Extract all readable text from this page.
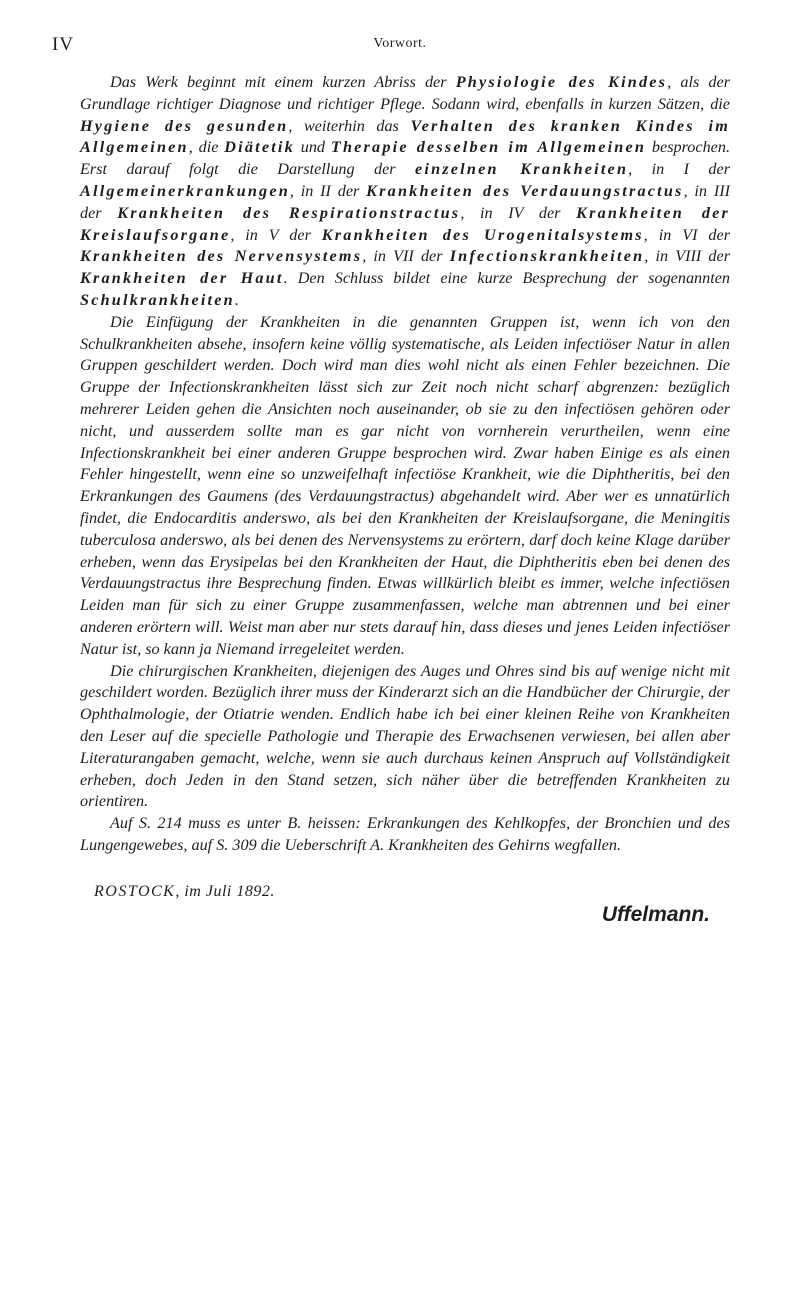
IV	Vorwort.

Das Werk beginnt mit einem kurzen Abriss der Physiologie des Kindes, als der Grundlage richtiger Diagnose und richtiger Pflege. Sodann wird, ebenfalls in kurzen Sätzen, die Hygiene des gesunden, weiterhin das Verhalten des kranken Kindes im Allgemeinen, die Diätetik und Therapie desselben im Allgemeinen besprochen. Erst darauf folgt die Darstellung der einzelnen Krankheiten, in I der Allgemeinerkrankungen, in II der Krankheiten des Verdauungstractus, in III der Krankheiten des Respirationstractus, in IV der Krankheiten der Kreislaufsorgane, in V der Krankheiten des Urogenitalsystems, in VI der Krankheiten des Nervensystems, in VII der Infectionskrankheiten, in VIII der Krankheiten der Haut. Den Schluss bildet eine kurze Besprechung der sogenannten Schulkrankheiten.

Die Einfügung der Krankheiten in die genannten Gruppen ist, wenn ich von den Schulkrankheiten absehe, insofern keine völlig systematische, als Leiden infectiöser Natur in allen Gruppen geschildert werden. Doch wird man dies wohl nicht als einen Fehler bezeichnen. Die Gruppe der Infectionskrankheiten lässt sich zur Zeit noch nicht scharf abgrenzen: bezüglich mehrerer Leiden gehen die Ansichten noch auseinander, ob sie zu den infectiösen gehören oder nicht, und ausserdem sollte man es gar nicht von vornherein verurtheilen, wenn eine Infectionskrankheit bei einer anderen Gruppe besprochen wird. Zwar haben Einige es als einen Fehler hingestellt, wenn eine so unzweifelhaft infectiöse Krankheit, wie die Diphtheritis, bei den Erkrankungen des Gaumens (des Verdauungstractus) abgehandelt wird. Aber wer es unnatürlich findet, die Endocarditis anderswo, als bei den Krankheiten der Kreislaufsorgane, die Meningitis tuberculosa anderswo, als bei denen des Nervensystems zu erörtern, darf doch keine Klage darüber erheben, wenn das Erysipelas bei den Krankheiten der Haut, die Diphtheritis eben bei denen des Verdauungstractus ihre Besprechung finden. Etwas willkürlich bleibt es immer, welche infectiösen Leiden man für sich zu einer Gruppe zusammenfassen, welche man abtrennen und bei einer anderen erörtern will. Weist man aber nur stets darauf hin, dass dieses und jenes Leiden infectiöser Natur ist, so kann ja Niemand irregeleitet werden.

Die chirurgischen Krankheiten, diejenigen des Auges und Ohres sind bis auf wenige nicht mit geschildert worden. Bezüglich ihrer muss der Kinderarzt sich an die Handbücher der Chirurgie, der Ophthalmologie, der Otiatrie wenden. Endlich habe ich bei einer kleinen Reihe von Krankheiten den Leser auf die specielle Pathologie und Therapie des Erwachsenen verwiesen, bei allen aber Literaturangaben gemacht, welche, wenn sie auch durchaus keinen Anspruch auf Vollständigkeit erheben, doch Jeden in den Stand setzen, sich näher über die betreffenden Krankheiten zu orientiren.

Auf S. 214 muss es unter B. heissen: Erkrankungen des Kehlkopfes, der Bronchien und des Lungengewebes, auf S. 309 die Ueberschrift A. Krankheiten des Gehirns wegfallen.

ROSTOCK, im Juli 1892.
Uffelmann.
